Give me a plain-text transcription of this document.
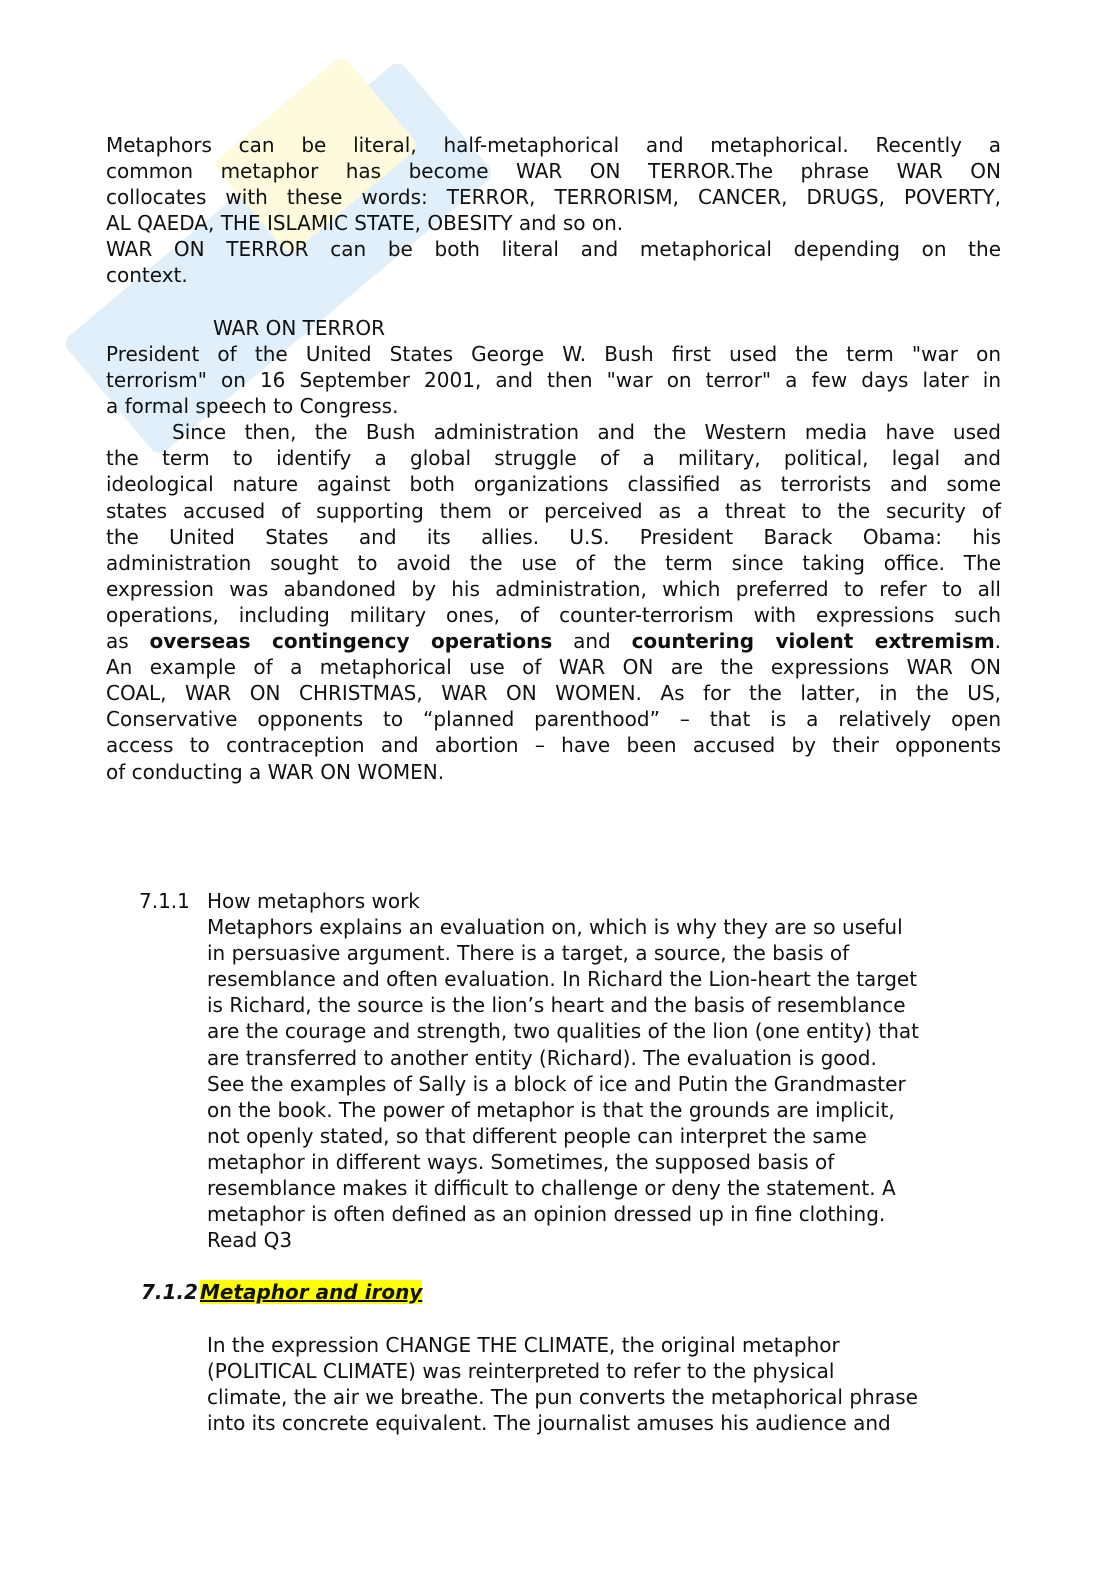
Metaphors can be literal, half-metaphorical and metaphorical. Recently a
common metaphor has become WAR ON TERROR.The phrase WAR ON
collocates with these words: TERROR, TERRORISM, CANCER, DRUGS, POVERTY,
AL QAEDA, THE ISLAMIC STATE, OBESITY and so on.
WAR ON TERROR can be both literal and metaphorical depending on the
context.
WAR ON TERROR
President of the United States George W. Bush first used the term "war on
terrorism" on 16 September 2001, and then "war on terror" a few days later in
a formal speech to Congress.
Since then, the Bush administration and the Western media have used
the term to identify a global struggle of a military, political, legal and
ideological nature against both organizations classified as terrorists and some
states accused of supporting them or perceived as a threat to the security of
the United States and its allies. U.S. President Barack Obama: his
administration sought to avoid the use of the term since taking office. The
expression was abandoned by his administration, which preferred to refer to all
operations, including military ones, of counter-terrorism with expressions such
as overseas contingency operations and countering violent extremism.
An example of a metaphorical use of WAR ON are the expressions WAR ON
COAL, WAR ON CHRISTMAS, WAR ON WOMEN. As for the latter, in the US,
Conservative opponents to “planned parenthood” – that is a relatively open
access to contraception and abortion – have been accused by their opponents
of conducting a WAR ON WOMEN.
7.1.1 How metaphors work
Metaphors explains an evaluation on, which is why they are so useful
in persuasive argument. There is a target, a source, the basis of
resemblance and often evaluation. In Richard the Lion-heart the target
is Richard, the source is the lion’s heart and the basis of resemblance
are the courage and strength, two qualities of the lion (one entity) that
are transferred to another entity (Richard). The evaluation is good.
See the examples of Sally is a block of ice and Putin the Grandmaster
on the book. The power of metaphor is that the grounds are implicit,
not openly stated, so that different people can interpret the same
metaphor in different ways. Sometimes, the supposed basis of
resemblance makes it difficult to challenge or deny the statement. A
metaphor is often defined as an opinion dressed up in fine clothing.
Read Q3
7.1.2 Metaphor and irony
In the expression CHANGE THE CLIMATE, the original metaphor
(POLITICAL CLIMATE) was reinterpreted to refer to the physical
climate, the air we breathe. The pun converts the metaphorical phrase
into its concrete equivalent. The journalist amuses his audience and
